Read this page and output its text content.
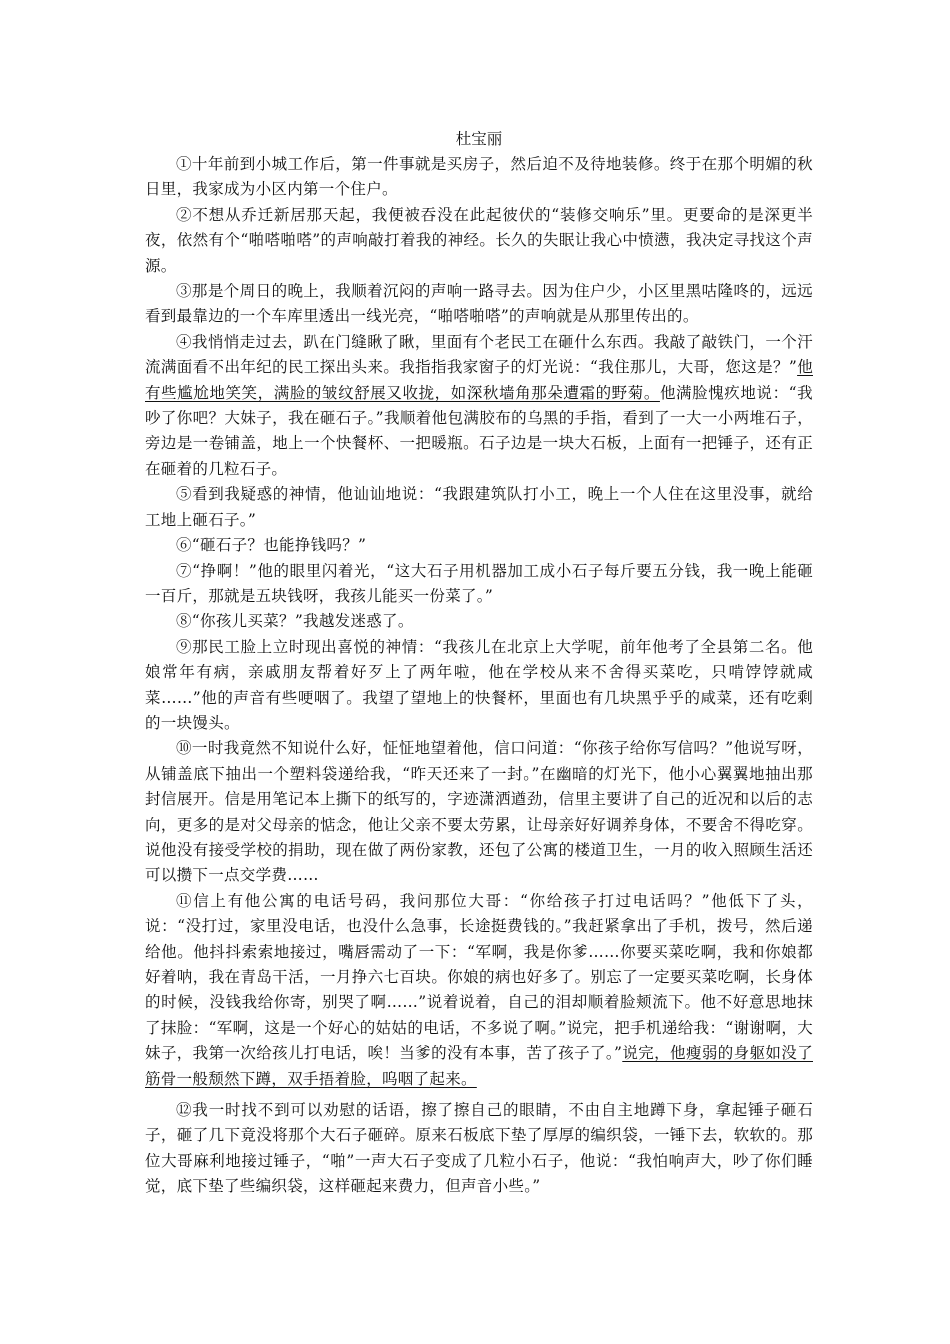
杜宝丽

①十年前到小城工作后，第一件事就是买房子，然后迫不及待地装修。终于在那个明媚的秋日里，我家成为小区内第一个住户。

②不想从乔迁新居那天起，我便被吞没在此起彼伏的“装修交响乐”里。更要命的是深更半夜，依然有个“啪嗒啪嗒”的声响敲打着我的神经。长久的失眠让我心中愤懑，我决定寻找这个声源。

③那是个周日的晚上，我顺着沉闷的声响一路寻去。因为住户少，小区里黑咕隆咚的，远远看到最靠边的一个车库里透出一线光亮，“啪嗒啪嗒”的声响就是从那里传出的。

④我悄悄走过去，趴在门缝瞅了瞅，里面有个老民工在砸什么东西。我敲了敲铁门，一个汗流满面看不出年纪的民工探出头来。我指指我家窗子的灯光说：“我住那儿，大哥，您这是？”他有些尴尬地笑笑，满脸的皱纹舒展又收拢，如深秋墙角那朵遭霜的野菊。他满脸愧疚地说：“我吵了你吧？大妹子，我在砸石子。”我顺着他包满胶布的乌黑的手指，看到了一大一小两堆石子，旁边是一卷铺盖，地上一个快餐杯、一把暖瓶。石子边是一块大石板，上面有一把锤子，还有正在砸着的几粒石子。

⑤看到我疑惑的神情，他讪讪地说：“我跟建筑队打小工，晚上一个人住在这里没事，就给工地上砸石子。”

⑥“砸石子？也能挣钱吗？”

⑦“挣啊！”他的眼里闪着光，“这大石子用机器加工成小石子每斤要五分钱，我一晚上能砸一百斤，那就是五块钱呀，我孩儿能买一份菜了。”

⑧“你孩儿买菜？”我越发迷惑了。

⑨那民工脸上立时现出喜悦的神情：“我孩儿在北京上大学呢，前年他考了全县第二名。他娘常年有病，亲戚朋友帮着好歹上了两年啦，他在学校从来不舍得买菜吃，只啃饽饽就咸菜……”他的声音有些哽咽了。我望了望地上的快餐杯，里面也有几块黑乎乎的咸菜，还有吃剩的一块馒头。

⑩一时我竟然不知说什么好，怔怔地望着他，信口问道：“你孩子给你写信吗？”他说写呀，从铺盖底下抽出一个塑料袋递给我，“昨天还来了一封。”在幽暗的灯光下，他小心翼翼地抽出那封信展开。信是用笔记本上撕下的纸写的，字迹潇洒遒劲，信里主要讲了自己的近况和以后的志向，更多的是对父母亲的惦念，他让父亲不要太劳累，让母亲好好调养身体，不要舍不得吃穿。说他没有接受学校的捐助，现在做了两份家教，还包了公寓的楼道卫生，一月的收入照顾生活还可以攒下一点交学费……

⑪信上有他公寓的电话号码，我问那位大哥：“你给孩子打过电话吗？”他低下了头，说：“没打过，家里没电话，也没什么急事，长途挺费钱的。”我赶紧拿出了手机，拨号，然后递给他。他抖抖索索地接过，嘴唇需动了一下：“军啊，我是你爹……你要买菜吃啊，我和你娘都好着呐，我在青岛干活，一月挣六七百块。你娘的病也好多了。别忘了一定要买菜吃啊，长身体的时候，没钱我给你寄，别哭了啊……”说着说着，自己的泪却顺着脸颊流下。他不好意思地抹了抹脸：“军啊，这是一个好心的姑姑的电话，不多说了啊。”说完，把手机递给我：“谢谢啊，大妹子，我第一次给孩儿打电话，唉！当爹的没有本事，苦了孩子了。”说完，他瘦弱的身躯如没了筋骨一般颓然下蹲，双手捂着脸，呜咽了起来。

⑫我一时找不到可以劝慰的话语，擦了擦自己的眼睛，不由自主地蹲下身，拿起锤子砸石子，砸了几下竟没将那个大石子砸碎。原来石板底下垫了厚厚的编织袋，一锤下去，软软的。那位大哥麻利地接过锤子，“啪”一声大石子变成了几粒小石子，他说：“我怕响声大，吵了你们睡觉，底下垫了些编织袋，这样砸起来费力，但声音小些。”
